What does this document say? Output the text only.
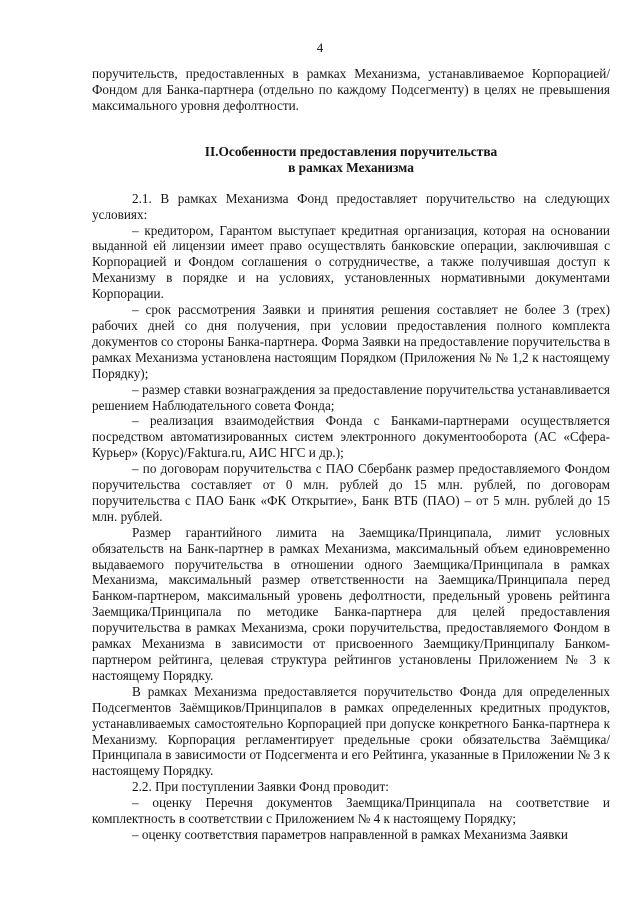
4

поручительств, предоставленных в рамках Механизма, устанавливаемое Корпорацией/Фондом для Банка-партнера (отдельно по каждому Подсегменту) в целях не превышения максимального уровня дефолтности.

II.Особенности предоставления поручительства
в рамках Механизма

2.1. В рамках Механизма Фонд предоставляет поручительство на следующих условиях:

– кредитором, Гарантом выступает кредитная организация, которая на основании выданной ей лицензии имеет право осуществлять банковские операции, заключившая с Корпорацией и Фондом соглашения о сотрудничестве, а также получившая доступ к Механизму в порядке и на условиях, установленных нормативными документами Корпорации.

– срок рассмотрения Заявки и принятия решения составляет не более 3 (трех) рабочих дней со дня получения, при условии предоставления полного комплекта документов со стороны Банка-партнера. Форма Заявки на предоставление поручительства в рамках Механизма установлена настоящим Порядком (Приложения № № 1,2 к настоящему Порядку);

– размер ставки вознаграждения за предоставление поручительства устанавливается решением Наблюдательного совета Фонда;

– реализация взаимодействия Фонда с Банками-партнерами осуществляется посредством автоматизированных систем электронного документооборота (АС «Сфера-Курьер» (Корус)/Faktura.ru, АИС НГС и др.);

– по договорам поручительства с ПАО Сбербанк размер предоставляемого Фондом поручительства составляет от 0 млн. рублей до 15 млн. рублей, по договорам поручительства с ПАО Банк «ФК Открытие», Банк ВТБ (ПАО) – от 5 млн. рублей до 15 млн. рублей.

Размер гарантийного лимита на Заемщика/Принципала, лимит условных обязательств на Банк-партнер в рамках Механизма, максимальный объем единовременно выдаваемого поручительства в отношении одного Заемщика/Принципала в рамках Механизма, максимальный размер ответственности на Заемщика/Принципала перед Банком-партнером, максимальный уровень дефолтности, предельный уровень рейтинга Заемщика/Принципала по методике Банка-партнера для целей предоставления поручительства в рамках Механизма, сроки поручительства, предоставляемого Фондом в рамках Механизма в зависимости от присвоенного Заемщику/Принципалу Банком-партнером рейтинга, целевая структура рейтингов установлены Приложением № 3 к настоящему Порядку.

В рамках Механизма предоставляется поручительство Фонда для определенных Подсегментов Заёмщиков/Принципалов в рамках определенных кредитных продуктов, устанавливаемых самостоятельно Корпорацией при допуске конкретного Банка-партнера к Механизму. Корпорация регламентирует предельные сроки обязательства Заёмщика/Принципала в зависимости от Подсегмента и его Рейтинга, указанные в Приложении № 3 к настоящему Порядку.

2.2. При поступлении Заявки Фонд проводит:

– оценку Перечня документов Заемщика/Принципала на соответствие и комплектность в соответствии с Приложением № 4 к настоящему Порядку;

– оценку соответствия параметров направленной в рамках Механизма Заявки
